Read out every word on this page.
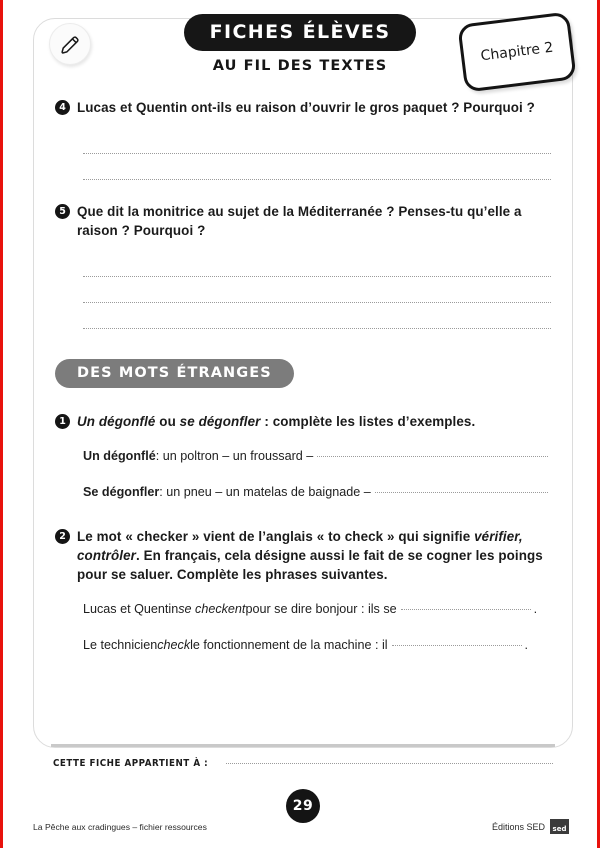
FICHES ÉLÈVES
AU FIL DES TEXTES
Chapitre 2
4 Lucas et Quentin ont-ils eu raison d’ouvrir le gros paquet ? Pourquoi ?
5 Que dit la monitrice au sujet de la Méditerranée ? Penses-tu qu’elle a raison ? Pourquoi ?
DES MOTS ÉTRANGES
1 Un dégonflé ou se dégonfler : complète les listes d’exemples.
Un dégonflé : un poltron – un froussard –
Se dégonfler : un pneu – un matelas de baignade –
2 Le mot « checker » vient de l’anglais « to check » qui signifie vérifier, contrôler. En français, cela désigne aussi le fait de se cogner les poings pour se saluer. Complète les phrases suivantes.
Lucas et Quentin se checkent pour se dire bonjour : ils se	.
Le technicien check le fonctionnement de la machine : il	.
CETTE FICHE APPARTIENT À :
29
La Pêche aux cradingues – fichier ressources	Éditions SED	sed
